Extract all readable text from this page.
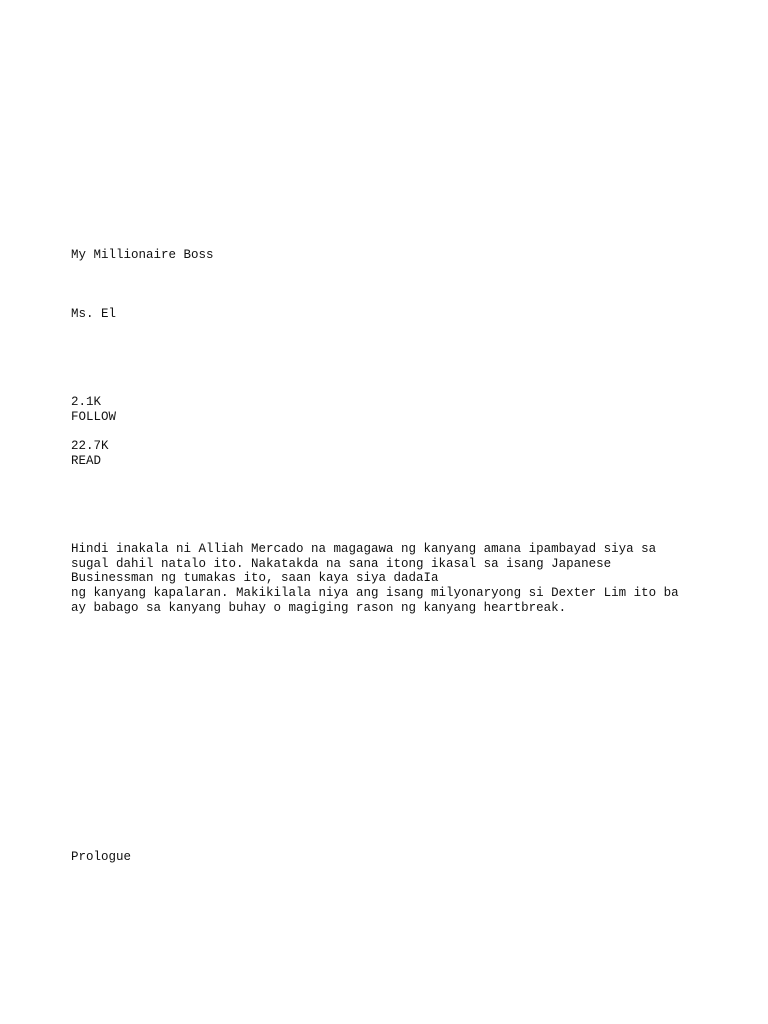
My Millionaire Boss
Ms. El
2.1K
FOLLOW
22.7K
READ
Hindi inakala ni Alliah Mercado na magagawa ng kanyang amana ipambayad siya sa
sugal dahil natalo ito. Nakatakda na sana itong ikasal sa isang Japanese
Businessman ng tumakas ito, saan kaya siya dadaIa
ng kanyang kapalaran. Makikilala niya ang isang milyonaryong si Dexter Lim ito ba
ay babago sa kanyang buhay o magiging rason ng kanyang heartbreak.
Prologue
